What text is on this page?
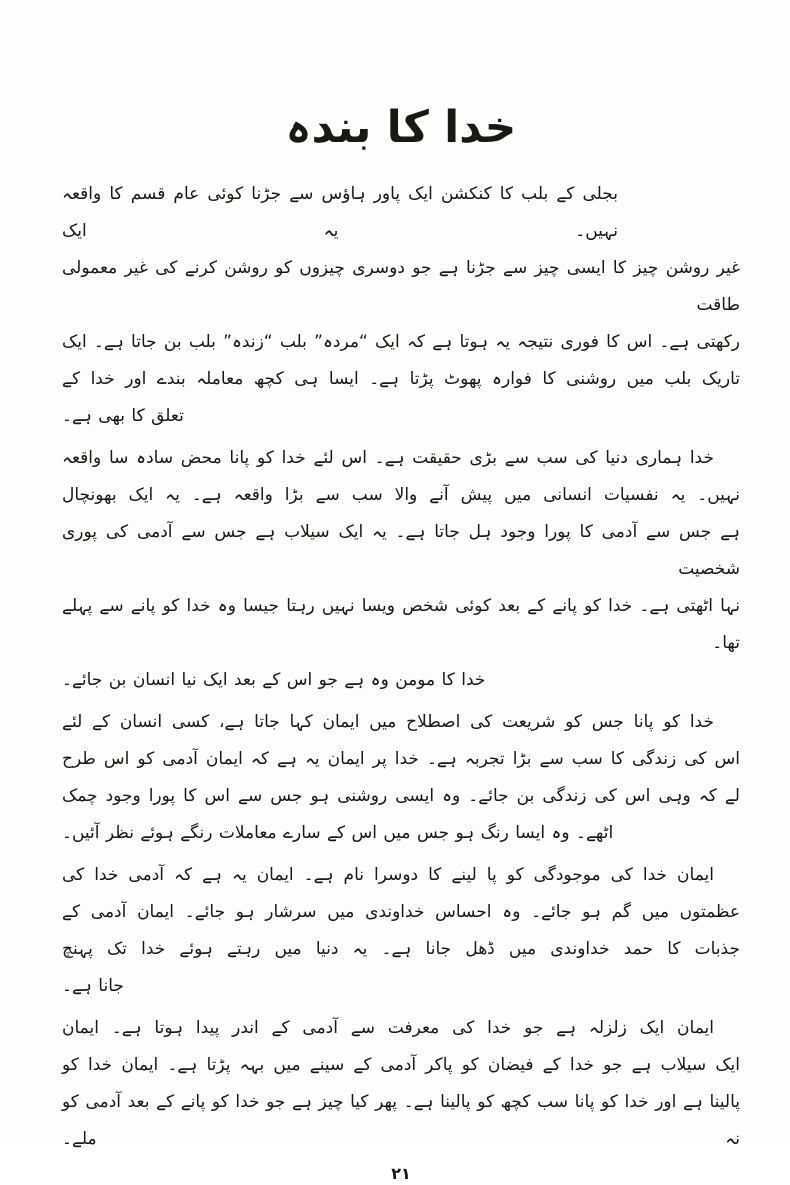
خدا کا بندہ
بجلی کے بلب کا کنکشن ایک پاور ہاؤس سے جڑنا کوئی عام قسم کا واقعہ نہیں۔ یہ ایک
غیر روشن چیز کا ایسی چیز سے جڑنا ہے جو دوسری چیزوں کو روشن کرنے کی غیر معمولی طاقت
رکھتی ہے۔ اس کا فوری نتیجہ یہ ہوتا ہے کہ ایک “مردہ” بلب “زندہ” بلب بن جاتا ہے۔ ایک
تاریک بلب میں روشنی کا فوارہ پھوٹ پڑتا ہے۔ ایسا ہی کچھ معاملہ بندے اور خدا کے
تعلق کا بھی ہے۔
خدا ہماری دنیا کی سب سے بڑی حقیقت ہے۔ اس لئے خدا کو پانا محض سادہ سا واقعہ
نہیں۔ یہ نفسیات انسانی میں پیش آنے والا سب سے بڑا واقعہ ہے۔ یہ ایک بھونچال
ہے جس سے آدمی کا پورا وجود ہل جاتا ہے۔ یہ ایک سیلاب ہے جس سے آدمی کی پوری شخصیت
نہا اٹھتی ہے۔ خدا کو پانے کے بعد کوئی شخص ویسا نہیں رہتا جیسا وہ خدا کو پانے سے پہلے تھا۔
خدا کا مومن وہ ہے جو اس کے بعد ایک نیا انسان بن جائے۔
خدا کو پانا جس کو شریعت کی اصطلاح میں ایمان کہا جاتا ہے، کسی انسان کے لئے
اس کی زندگی کا سب سے بڑا تجربہ ہے۔ خدا پر ایمان یہ ہے کہ ایمان آدمی کو اس طرح
لے کہ وہی اس کی زندگی بن جائے۔ وہ ایسی روشنی ہو جس سے اس کا پورا وجود چمک
اٹھے۔ وہ ایسا رنگ ہو جس میں اس کے سارے معاملات رنگے ہوئے نظر آئیں۔
ایمان خدا کی موجودگی کو پا لینے کا دوسرا نام ہے۔ ایمان یہ ہے کہ آدمی خدا کی
عظمتوں میں گم ہو جائے۔ وہ احساس خداوندی میں سرشار ہو جائے۔ ایمان آدمی کے
جذبات کا حمد خداوندی میں ڈھل جانا ہے۔ یہ دنیا میں رہتے ہوئے خدا تک پہنچ
جانا ہے۔
ایمان ایک زلزلہ ہے جو خدا کی معرفت سے آدمی کے اندر پیدا ہوتا ہے۔ ایمان
ایک سیلاب ہے جو خدا کے فیضان کو پاکر آدمی کے سینے میں بہہ پڑتا ہے۔ ایمان خدا کو
پالینا ہے اور خدا کو پانا سب کچھ کو پالینا ہے۔ پھر کیا چیز ہے جو خدا کو پانے کے بعد آدمی کو نہ ملے۔
۲۱
